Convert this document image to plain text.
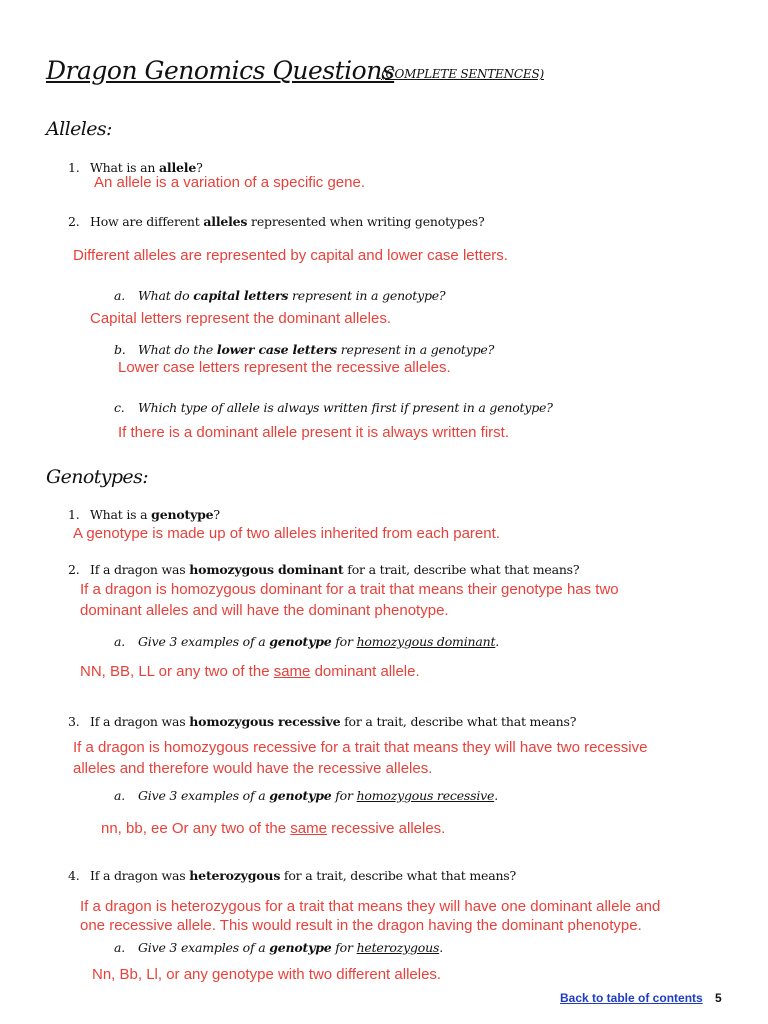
Dragon Genomics Questions
(COMPLETE SENTENCES)
Alleles:
1. What is an allele?
An allele is a variation of a specific gene.
2. How are different alleles represented when writing genotypes?
Different alleles are represented by capital and lower case letters.
a. What do capital letters represent in a genotype?
Capital letters represent the dominant alleles.
b. What do the lower case letters represent in a genotype?
Lower case letters represent the recessive alleles.
c. Which type of allele is always written first if present in a genotype?
If there is a dominant allele present it is always written first.
Genotypes:
1. What is a genotype?
A genotype is made up of two alleles inherited from each parent.
2. If a dragon was homozygous dominant for a trait, describe what that means?
If a dragon is homozygous dominant for a trait that means their genotype has two
dominant alleles and will have the dominant phenotype.
a. Give 3 examples of a genotype for homozygous dominant.
NN, BB, LL or any two of the same dominant allele.
3. If a dragon was homozygous recessive for a trait, describe what that means?
If a dragon is homozygous recessive for a trait that means they will have two recessive
alleles and therefore would have the recessive alleles.
a. Give 3 examples of a genotype for homozygous recessive.
nn, bb, ee Or any two of the same recessive alleles.
4. If a dragon was heterozygous for a trait, describe what that means?
If a dragon is heterozygous for a trait that means they will have one dominant allele and
one recessive allele. This would result in the dragon having the dominant phenotype.
a. Give 3 examples of a genotype for heterozygous.
Nn, Bb, Ll, or any genotype with two different alleles.
Back to table of contents 5
